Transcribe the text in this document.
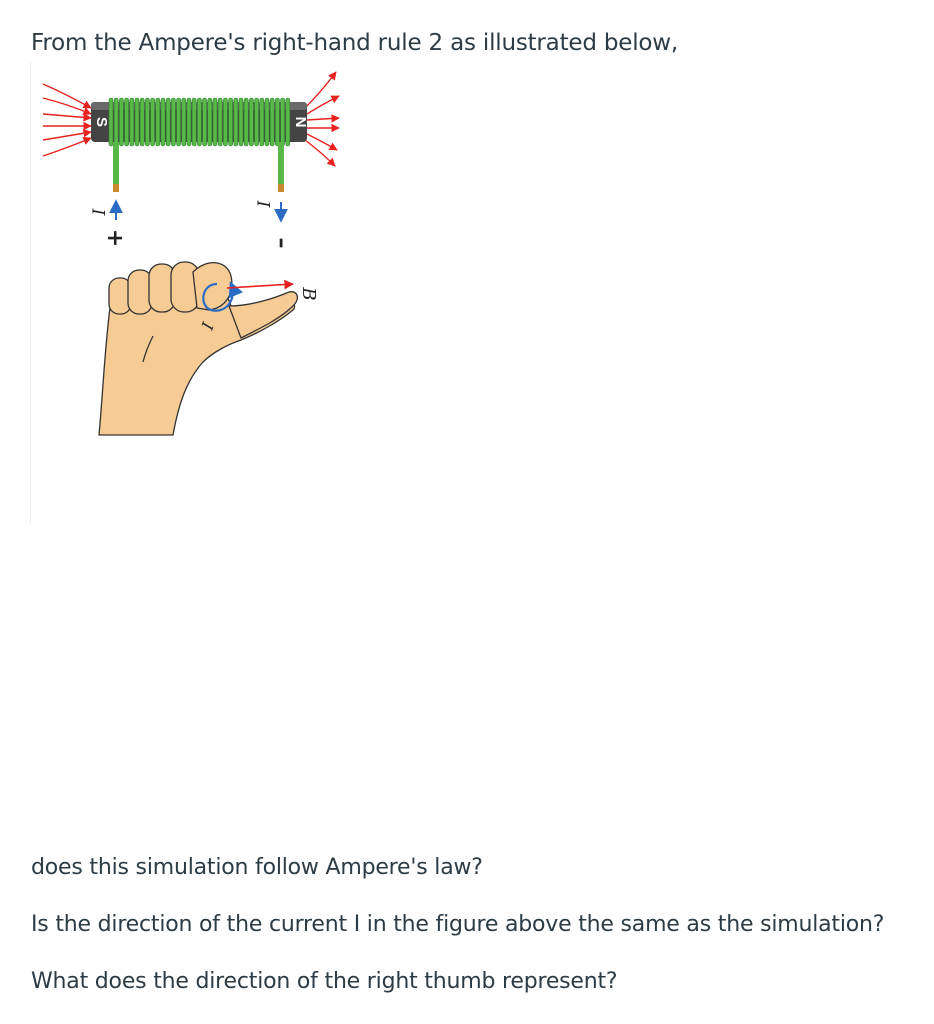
From the Ampere's right-hand rule 2 as illustrated below,

S	N
I
I
+	–
I
B

does this simulation follow Ampere's law?

Is the direction of the current I in the figure above the same as the simulation?

What does the direction of the right thumb represent?
